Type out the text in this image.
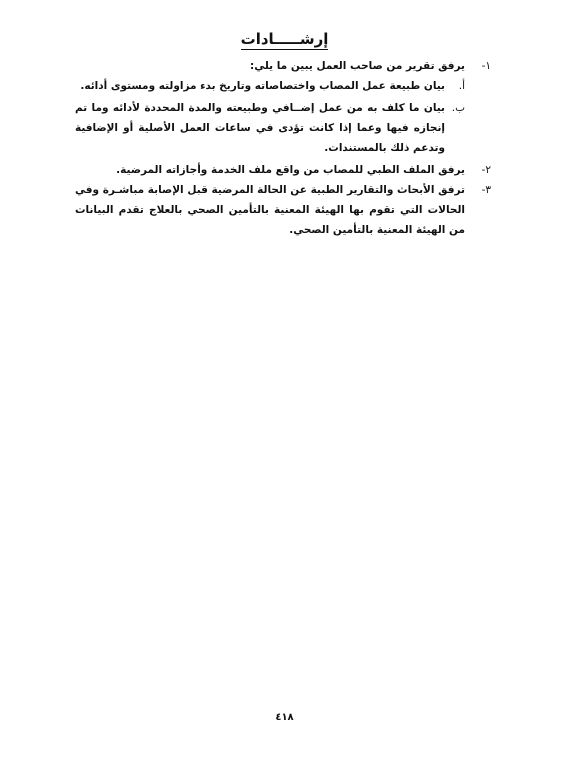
إرشـــــادات
١-
يرفق تقرير من صاحب العمل يبين ما يلي:
أ.
بيان طبيعة عمل المصاب واختصاصاته وتاريخ بدء مزاولته ومستوى أدائه.
ب.
بيان ما كلف به من عمل إضــافي وطبيعته والمدة المحددة لأدائه وما تم إنجازه فيها وعما إذا كانت تؤدى في ساعات العمل الأصلية أو الإضافية وتدعم ذلك بالمستندات.
٢-
يرفق الملف الطبي للمصاب من واقع ملف الخدمة وأجازاته المرضية.
٣-
ترفق الأبحاث والتقارير الطبية عن الحالة المرضية قبل الإصابة مباشـرة وفي الحالات التي تقوم بها الهيئة المعنية بالتأمين الصحي بالعلاج تقدم البيانات من الهيئة المعنية بالتأمين الصحي.
٤١٨
